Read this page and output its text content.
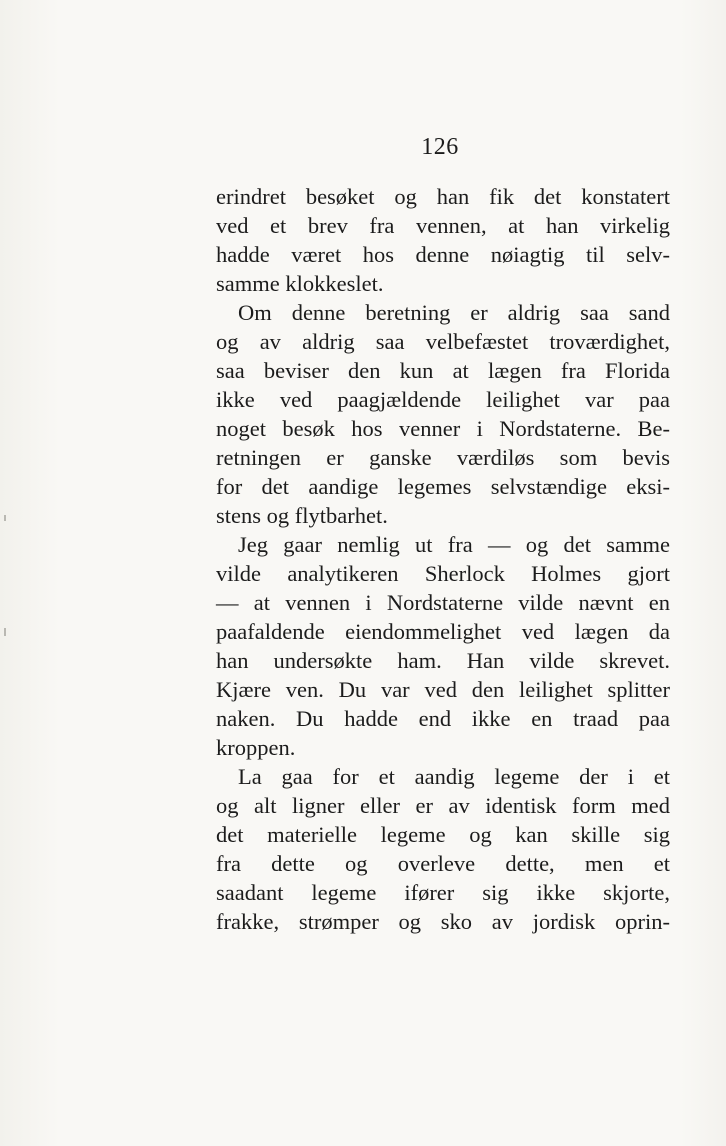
126
erindret besøket og han fik det konstatert
ved et brev fra vennen, at han virkelig
hadde været hos denne nøiagtig til selv-
samme klokkeslet.
Om denne beretning er aldrig saa sand
og av aldrig saa velbefæstet troværdighet,
saa beviser den kun at lægen fra Florida
ikke ved paagjældende leilighet var paa
noget besøk hos venner i Nordstaterne. Be-
retningen er ganske værdiløs som bevis
for det aandige legemes selvstændige eksi-
stens og flytbarhet.
Jeg gaar nemlig ut fra — og det samme
vilde analytikeren Sherlock Holmes gjort
— at vennen i Nordstaterne vilde nævnt en
paafaldende eiendommelighet ved lægen da
han undersøkte ham. Han vilde skrevet.
Kjære ven. Du var ved den leilighet splitter
naken. Du hadde end ikke en traad paa
kroppen.
La gaa for et aandig legeme der i et
og alt ligner eller er av identisk form med
det materielle legeme og kan skille sig
fra dette og overleve dette, men et
saadant legeme ifører sig ikke skjorte,
frakke, strømper og sko av jordisk oprin-
